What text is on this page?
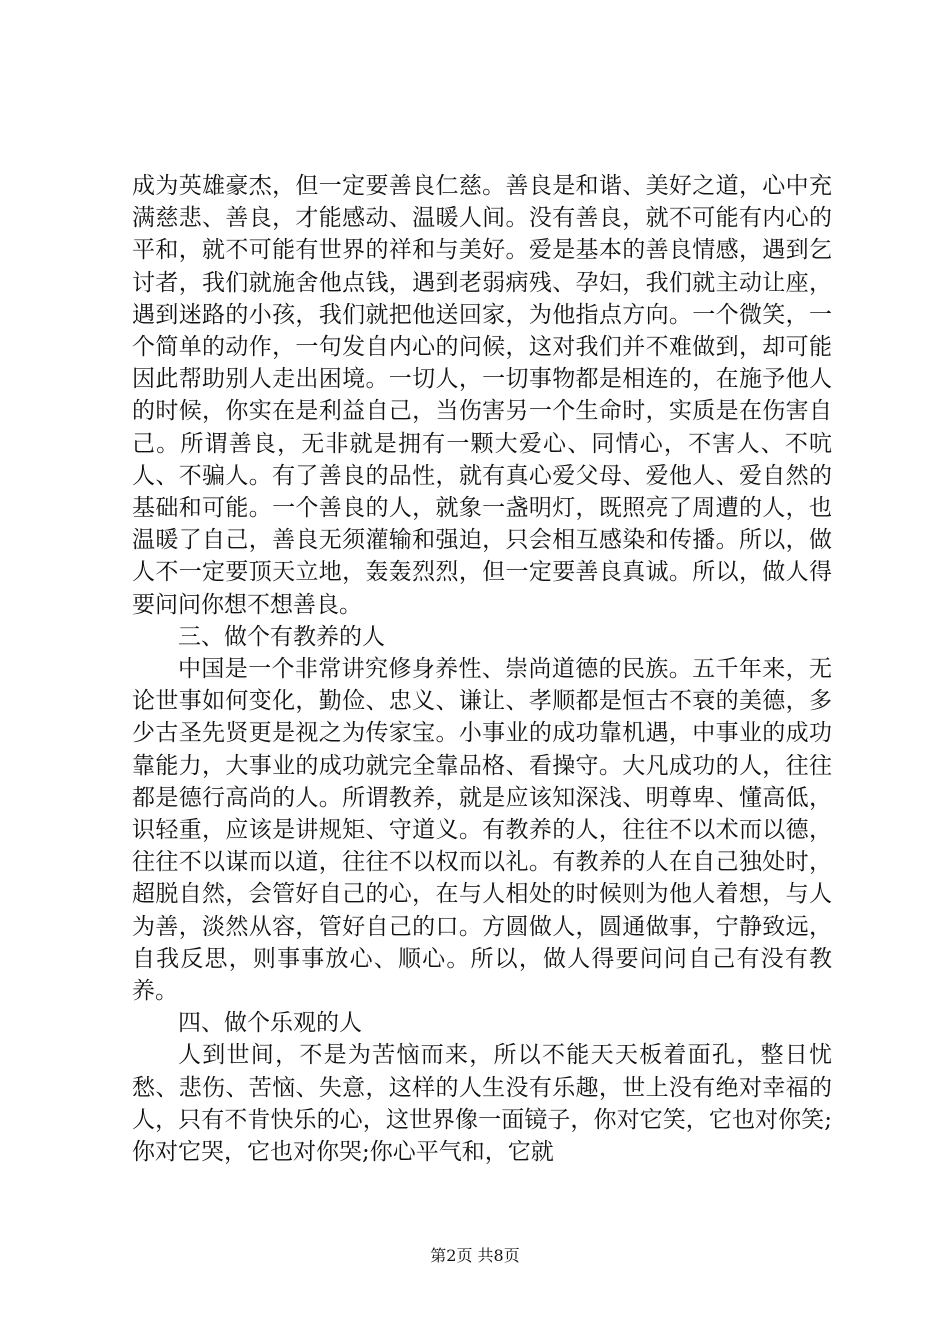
成为英雄豪杰，但一定要善良仁慈。善良是和谐、美好之道，心中充满慈悲、善良，才能感动、温暖人间。没有善良，就不可能有内心的平和，就不可能有世界的祥和与美好。爱是基本的善良情感，遇到乞讨者，我们就施舍他点钱，遇到老弱病残、孕妇，我们就主动让座，遇到迷路的小孩，我们就把他送回家，为他指点方向。一个微笑，一个简单的动作，一句发自内心的问候，这对我们并不难做到，却可能因此帮助别人走出困境。一切人，一切事物都是相连的，在施予他人的时候，你实在是利益自己，当伤害另一个生命时，实质是在伤害自己。所谓善良，无非就是拥有一颗大爱心、同情心，不害人、不吭人、不骗人。有了善良的品性，就有真心爱父母、爱他人、爱自然的基础和可能。一个善良的人，就象一盏明灯，既照亮了周遭的人，也温暖了自己，善良无须灌输和强迫，只会相互感染和传播。所以，做人不一定要顶天立地，轰轰烈烈，但一定要善良真诚。所以，做人得要问问你想不想善良。

三、做个有教养的人

中国是一个非常讲究修身养性、崇尚道德的民族。五千年来，无论世事如何变化，勤俭、忠义、谦让、孝顺都是恒古不衰的美德，多少古圣先贤更是视之为传家宝。小事业的成功靠机遇，中事业的成功靠能力，大事业的成功就完全靠品格、看操守。大凡成功的人，往往都是德行高尚的人。所谓教养，就是应该知深浅、明尊卑、懂高低，识轻重，应该是讲规矩、守道义。有教养的人，往往不以术而以德，往往不以谋而以道，往往不以权而以礼。有教养的人在自己独处时，超脱自然，会管好自己的心，在与人相处的时候则为他人着想，与人为善，淡然从容，管好自己的口。方圆做人，圆通做事，宁静致远，自我反思，则事事放心、顺心。所以，做人得要问问自己有没有教养。

四、做个乐观的人

人到世间，不是为苦恼而来，所以不能天天板着面孔，整日忧愁、悲伤、苦恼、失意，这样的人生没有乐趣，世上没有绝对幸福的人，只有不肯快乐的心，这世界像一面镜子，你对它笑，它也对你笑;你对它哭，它也对你哭;你心平气和，它就

第2页 共8页
